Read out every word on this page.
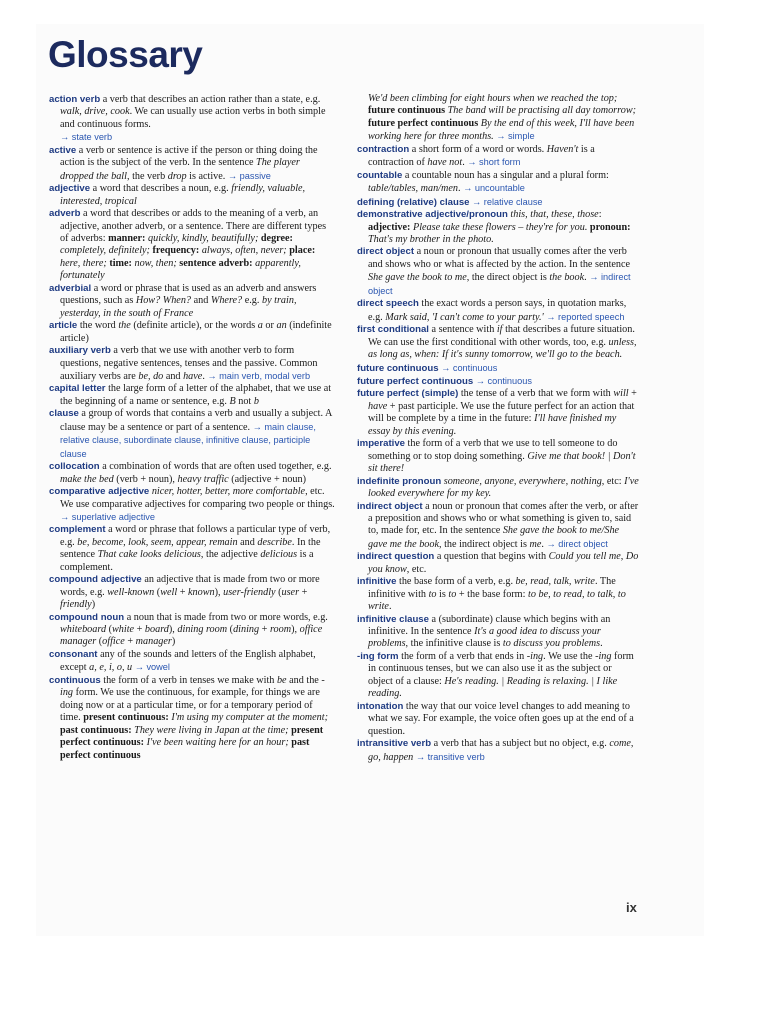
Glossary
action verb a verb that describes an action rather than a state, e.g. walk, drive, cook. We can usually use action verbs in both simple and continuous forms.
→ state verb
active a verb or sentence is active if the person or thing doing the action is the subject of the verb. In the sentence The player dropped the ball, the verb drop is active. → passive
adjective a word that describes a noun, e.g. friendly, valuable, interested, tropical
adverb a word that describes or adds to the meaning of a verb, an adjective, another adverb, or a sentence. There are different types of adverbs: manner: quickly, kindly, beautifully; degree: completely, definitely; frequency: always, often, never; place: here, there; time: now, then; sentence adverb: apparently, fortunately
adverbial a word or phrase that is used as an adverb and answers questions, such as How? When? and Where? e.g. by train, yesterday, in the south of France
article the word the (definite article), or the words a or an (indefinite article)
auxiliary verb a verb that we use with another verb to form questions, negative sentences, tenses and the passive. Common auxiliary verbs are be, do and have. → main verb, modal verb
capital letter the large form of a letter of the alphabet, that we use at the beginning of a name or sentence, e.g. B not b
clause a group of words that contains a verb and usually a subject. A clause may be a sentence or part of a sentence. → main clause, relative clause, subordinate clause, infinitive clause, participle clause
collocation a combination of words that are often used together, e.g. make the bed (verb + noun), heavy traffic (adjective + noun)
comparative adjective nicer, hotter, better, more comfortable, etc. We use comparative adjectives for comparing two people or things.
→ superlative adjective
complement a word or phrase that follows a particular type of verb, e.g. be, become, look, seem, appear, remain and describe. In the sentence That cake looks delicious, the adjective delicious is a complement.
compound adjective an adjective that is made from two or more words, e.g. well-known (well + known), user-friendly (user + friendly)
compound noun a noun that is made from two or more words, e.g. whiteboard (white + board), dining room (dining + room), office manager (office + manager)
consonant any of the sounds and letters of the English alphabet, except a, e, i, o, u → vowel
continuous the form of a verb in tenses we make with be and the -ing form. We use the continuous, for example, for things we are doing now or at a particular time, or for a temporary period of time. present continuous: I'm using my computer at the moment; past continuous: They were living in Japan at the time; present perfect continuous: I've been waiting here for an hour; past perfect continuous
We'd been climbing for eight hours when we reached the top; future continuous The band will be practising all day tomorrow; future perfect continuous By the end of this week, I'll have been working here for three months. → simple
contraction a short form of a word or words. Haven't is a contraction of have not. → short form
countable a countable noun has a singular and a plural form: table/tables, man/men. → uncountable
defining (relative) clause → relative clause
demonstrative adjective/pronoun this, that, these, those: adjective: Please take these flowers – they're for you. pronoun: That's my brother in the photo.
direct object a noun or pronoun that usually comes after the verb and shows who or what is affected by the action. In the sentence She gave the book to me, the direct object is the book. → indirect object
direct speech the exact words a person says, in quotation marks, e.g. Mark said, 'I can't come to your party.' → reported speech
first conditional a sentence with if that describes a future situation. We can use the first conditional with other words, too, e.g. unless, as long as, when: If it's sunny tomorrow, we'll go to the beach.
future continuous → continuous
future perfect continuous → continuous
future perfect (simple) the tense of a verb that we form with will + have + past participle. We use the future perfect for an action that will be complete by a time in the future: I'll have finished my essay by this evening.
imperative the form of a verb that we use to tell someone to do something or to stop doing something. Give me that book! | Don't sit there!
indefinite pronoun someone, anyone, everywhere, nothing, etc: I've looked everywhere for my key.
indirect object a noun or pronoun that comes after the verb, or after a preposition and shows who or what something is given to, said to, made for, etc. In the sentence She gave the book to me/She gave me the book, the indirect object is me. → direct object
indirect question a question that begins with Could you tell me, Do you know, etc.
infinitive the base form of a verb, e.g. be, read, talk, write. The infinitive with to is to + the base form: to be, to read, to talk, to write.
infinitive clause a (subordinate) clause which begins with an infinitive. In the sentence It's a good idea to discuss your problems, the infinitive clause is to discuss you problems.
-ing form the form of a verb that ends in -ing. We use the -ing form in continuous tenses, but we can also use it as the subject or object of a clause: He's reading. | Reading is relaxing. | I like reading.
intonation the way that our voice level changes to add meaning to what we say. For example, the voice often goes up at the end of a question.
intransitive verb a verb that has a subject but no object, e.g. come, go, happen → transitive verb
ix
